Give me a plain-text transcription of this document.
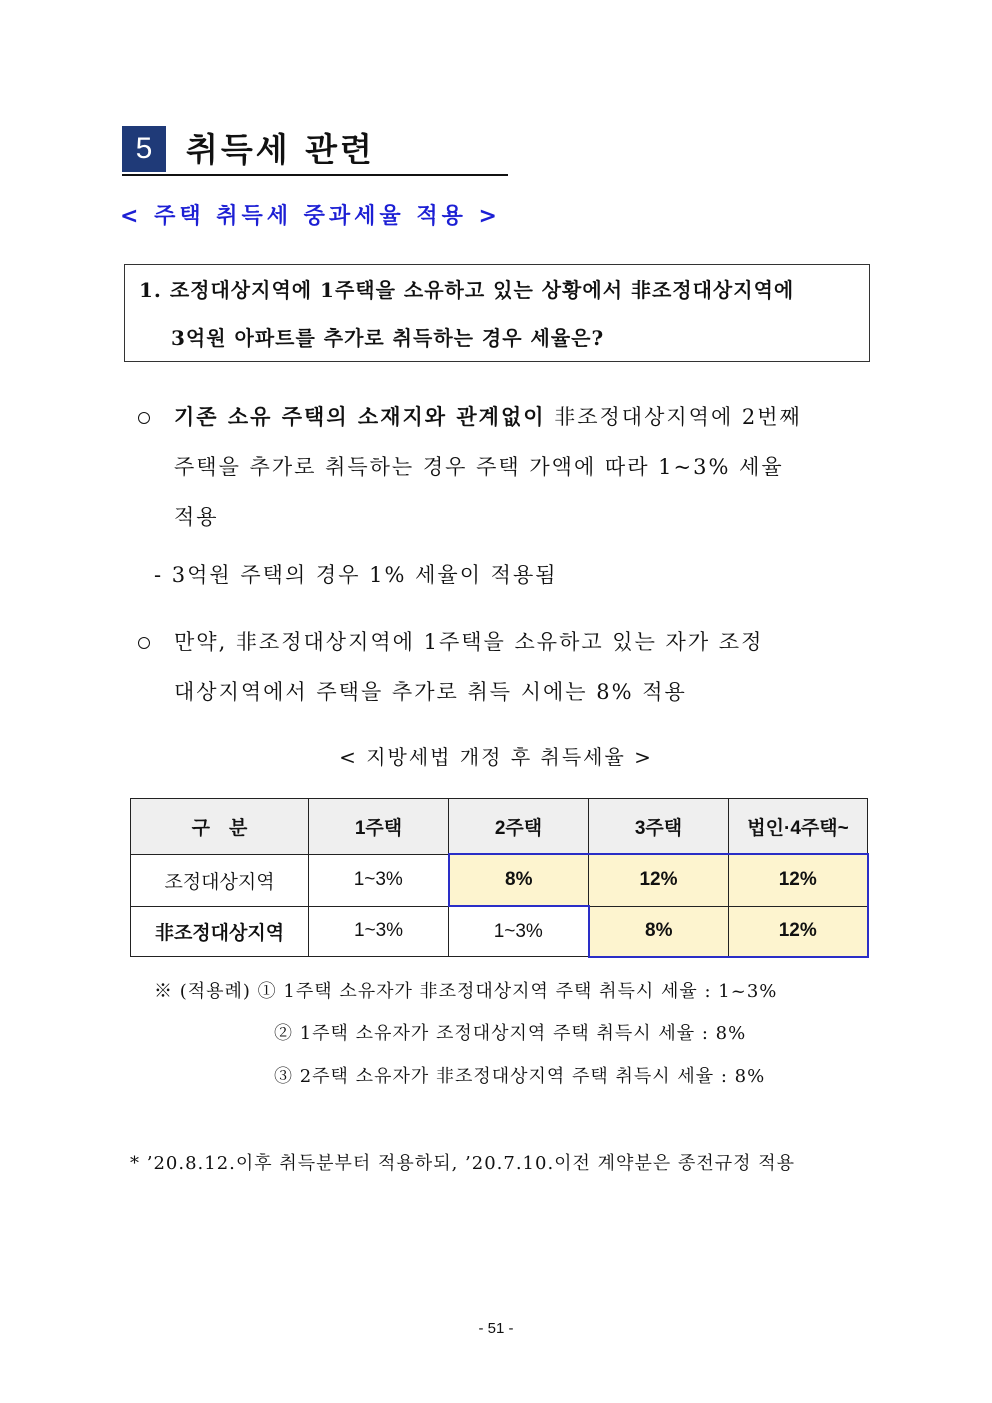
5	취득세 관련
< 주택 취득세 중과세율 적용 >
1. 조정대상지역에 1주택을 소유하고 있는 상황에서 非조정대상지역에
3억원 아파트를 추가로 취득하는 경우 세율은?
기존 소유 주택의 소재지와 관계없이 非조정대상지역에 2번째
주택을 추가로 취득하는 경우 주택 가액에 따라 1~3% 세율
적용
- 3억원 주택의 경우 1% 세율이 적용됨
만약, 非조정대상지역에 1주택을 소유하고 있는 자가 조정
대상지역에서 주택을 추가로 취득 시에는 8% 적용
< 지방세법 개정 후 취득세율 >
구　분	1주택	2주택	3주택	법인·4주택~
조정대상지역	1~3%	8%	12%	12%
非조정대상지역	1~3%	1~3%	8%	12%
※ (적용례) ① 1주택 소유자가 非조정대상지역 주택 취득시 세율 : 1~3%
② 1주택 소유자가 조정대상지역 주택 취득시 세율 : 8%
③ 2주택 소유자가 非조정대상지역 주택 취득시 세율 : 8%
* ’20.8.12.이후 취득분부터 적용하되, ’20.7.10.이전 계약분은 종전규정 적용
- 51 -
